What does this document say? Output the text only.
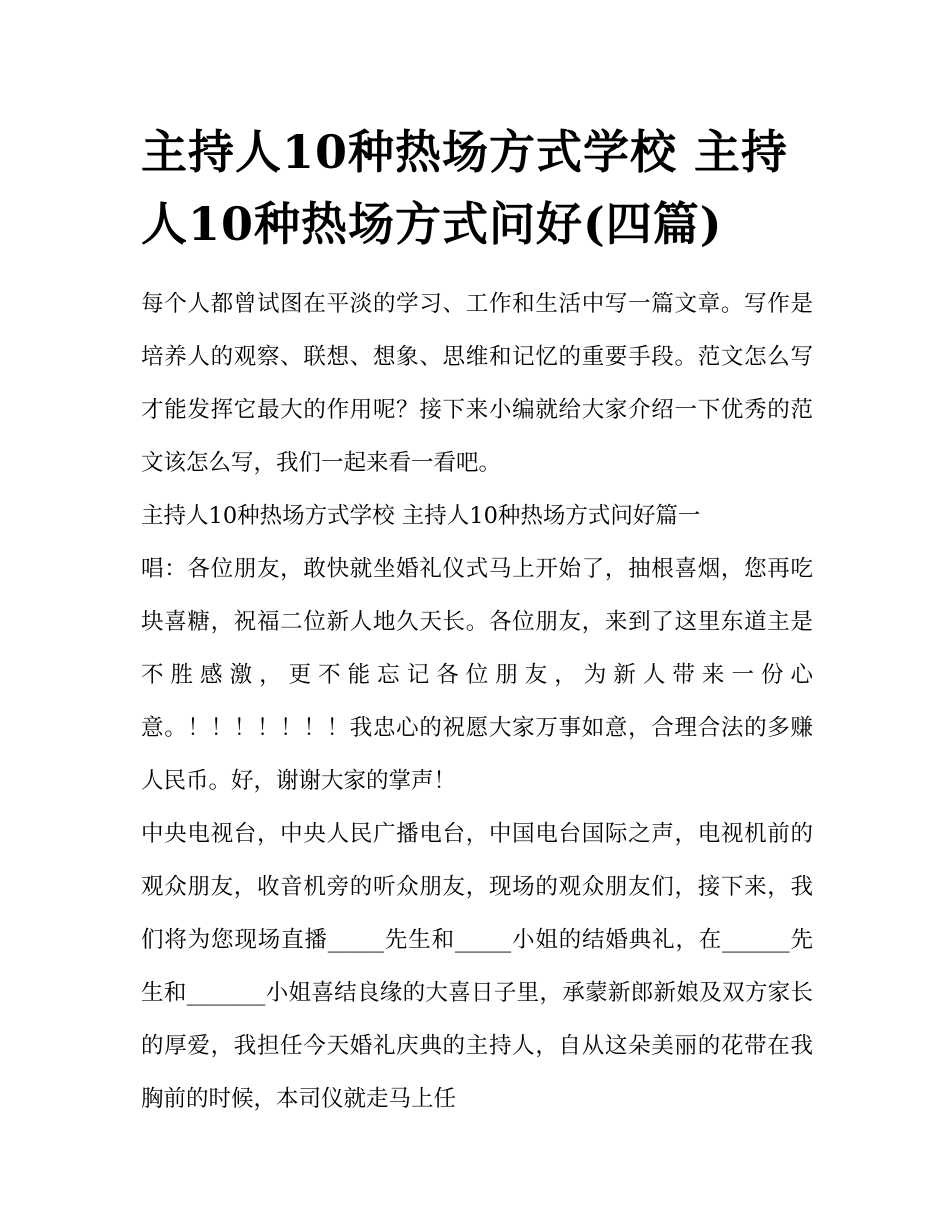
主持人10种热场方式学校 主持人10种热场方式问好(四篇)

每个人都曾试图在平淡的学习、工作和生活中写一篇文章。写作是培养人的观察、联想、想象、思维和记忆的重要手段。范文怎么写才能发挥它最大的作用呢？接下来小编就给大家介绍一下优秀的范文该怎么写，我们一起来看一看吧。

主持人10种热场方式学校 主持人10种热场方式问好篇一

唱：各位朋友，敢快就坐婚礼仪式马上开始了，抽根喜烟，您再吃块喜糖，祝福二位新人地久天长。各位朋友，来到了这里东道主是不胜感激，更不能忘记各位朋友，为新人带来一份心意。！！！！！！！我忠心的祝愿大家万事如意，合理合法的多赚人民币。好，谢谢大家的掌声！

中央电视台，中央人民广播电台，中国电台国际之声，电视机前的观众朋友，收音机旁的听众朋友，现场的观众朋友们，接下来，我们将为您现场直播_____先生和_____小姐的结婚典礼，在______先生和_______小姐喜结良缘的大喜日子里，承蒙新郎新娘及双方家长的厚爱，我担任今天婚礼庆典的主持人，自从这朵美丽的花带在我胸前的时候，本司仪就走马上任
